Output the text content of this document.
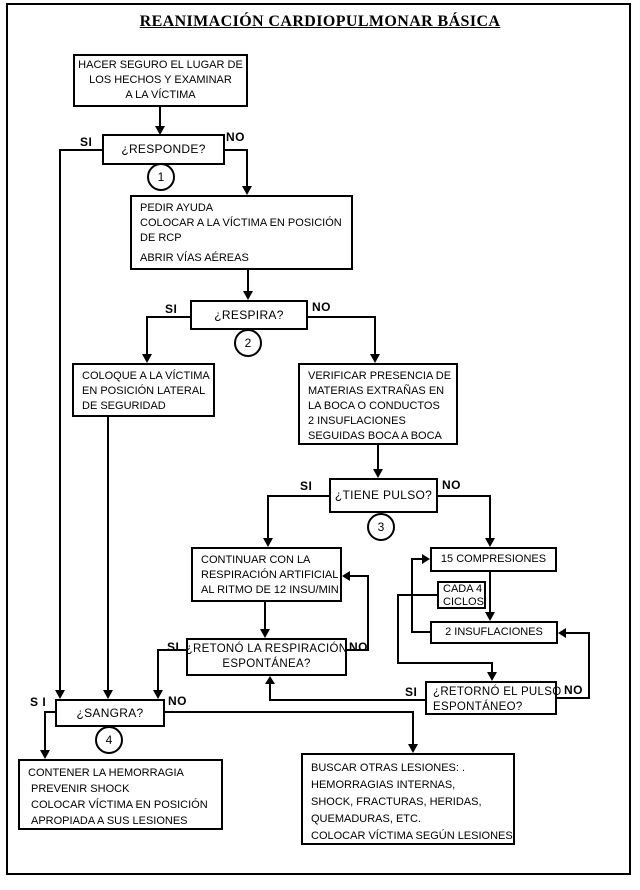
REANIMACIÓN CARDIOPULMONAR BÁSICA
HACER SEGURO EL LUGAR DE
LOS HECHOS Y EXAMINAR
A LA VÍCTIMA
¿RESPONDE?
PEDIR AYUDA
COLOCAR A LA VÍCTIMA EN POSICIÓN
DE RCP
ABRIR VÍAS AÉREAS
¿RESPIRA?
COLOQUE A LA VÍCTIMA
EN POSICIÓN LATERAL
DE SEGURIDAD
VERIFICAR PRESENCIA DE
MATERIAS EXTRAÑAS EN
LA BOCA O CONDUCTOS
2 INSUFLACIONES
SEGUIDAS BOCA A BOCA
¿TIENE PULSO?
CONTINUAR CON LA
RESPIRACIÓN ARTIFICIAL
AL RITMO DE 12 INSU/MIN
15 COMPRESIONES
CADA 4
CICLOS
2 INSUFLACIONES
¿RETONÓ LA RESPIRACIÓN
ESPONTÁNEA?
¿RETORNÓ EL PULSO
ESPONTÁNEO?
¿SANGRA?
CONTENER LA HEMORRAGIA
PREVENIR SHOCK
COLOCAR VÍCTIMA EN POSICIÓN
APROPIADA A SUS LESIONES
BUSCAR OTRAS LESIONES: .
HEMORRAGIAS INTERNAS,
SHOCK, FRACTURAS, HERIDAS,
QUEMADURAS, ETC.
COLOCAR VÍCTIMA SEGÚN LESIONES
SI	NO
SI	NO
SI	NO
SI	NO
SI	NO
S I	NO
1
2
3
4
